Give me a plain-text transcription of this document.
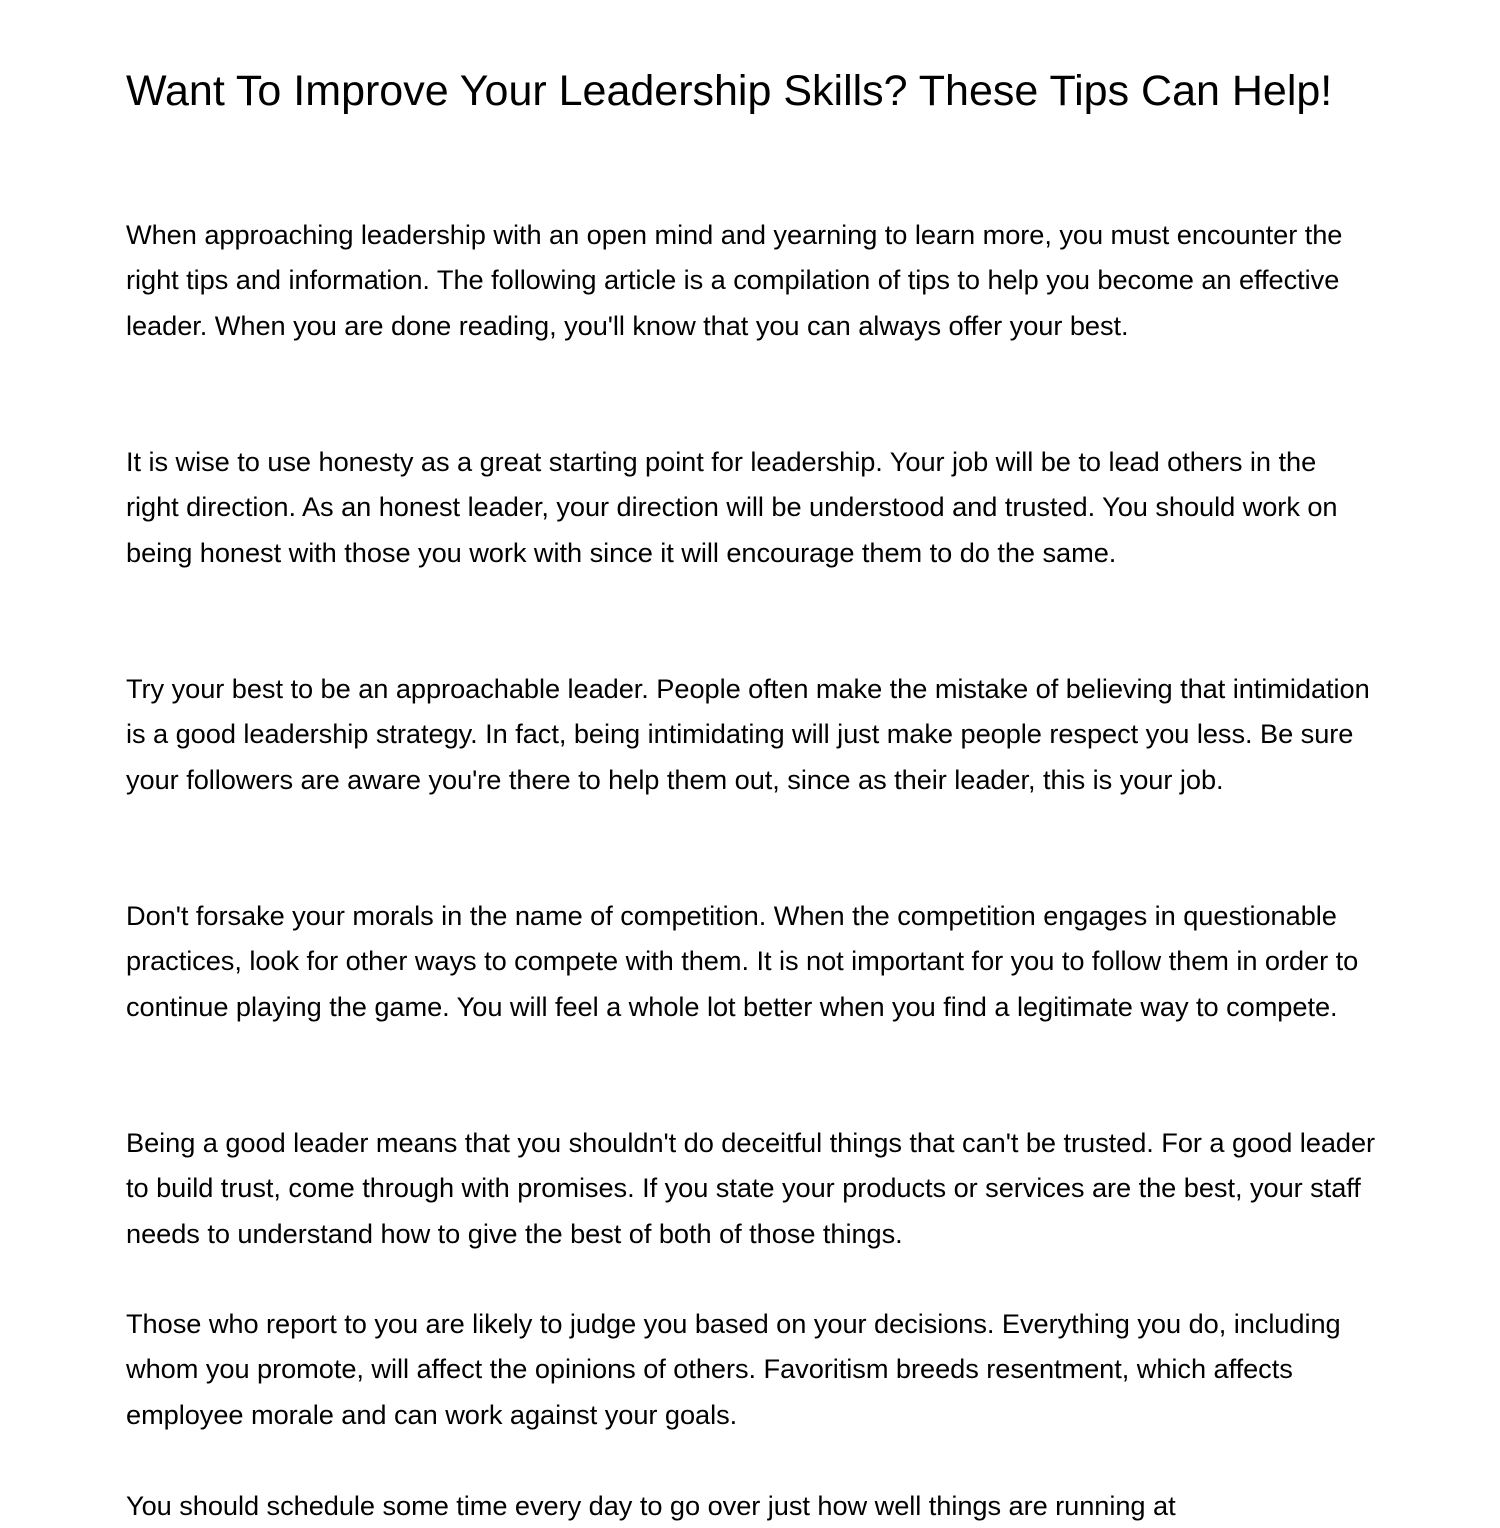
Want To Improve Your Leadership Skills? These Tips Can Help!

When approaching leadership with an open mind and yearning to learn more, you must encounter the right tips and information. The following article is a compilation of tips to help you become an effective leader. When you are done reading, you'll know that you can always offer your best.

It is wise to use honesty as a great starting point for leadership. Your job will be to lead others in the right direction. As an honest leader, your direction will be understood and trusted. You should work on being honest with those you work with since it will encourage them to do the same.

Try your best to be an approachable leader. People often make the mistake of believing that intimidation is a good leadership strategy. In fact, being intimidating will just make people respect you less. Be sure your followers are aware you're there to help them out, since as their leader, this is your job.

Don't forsake your morals in the name of competition. When the competition engages in questionable practices, look for other ways to compete with them. It is not important for you to follow them in order to continue playing the game. You will feel a whole lot better when you find a legitimate way to compete.

Being a good leader means that you shouldn't do deceitful things that can't be trusted. For a good leader to build trust, come through with promises. If you state your products or services are the best, your staff needs to understand how to give the best of both of those things.

Those who report to you are likely to judge you based on your decisions. Everything you do, including whom you promote, will affect the opinions of others. Favoritism breeds resentment, which affects employee morale and can work against your goals.

You should schedule some time every day to go over just how well things are running at
